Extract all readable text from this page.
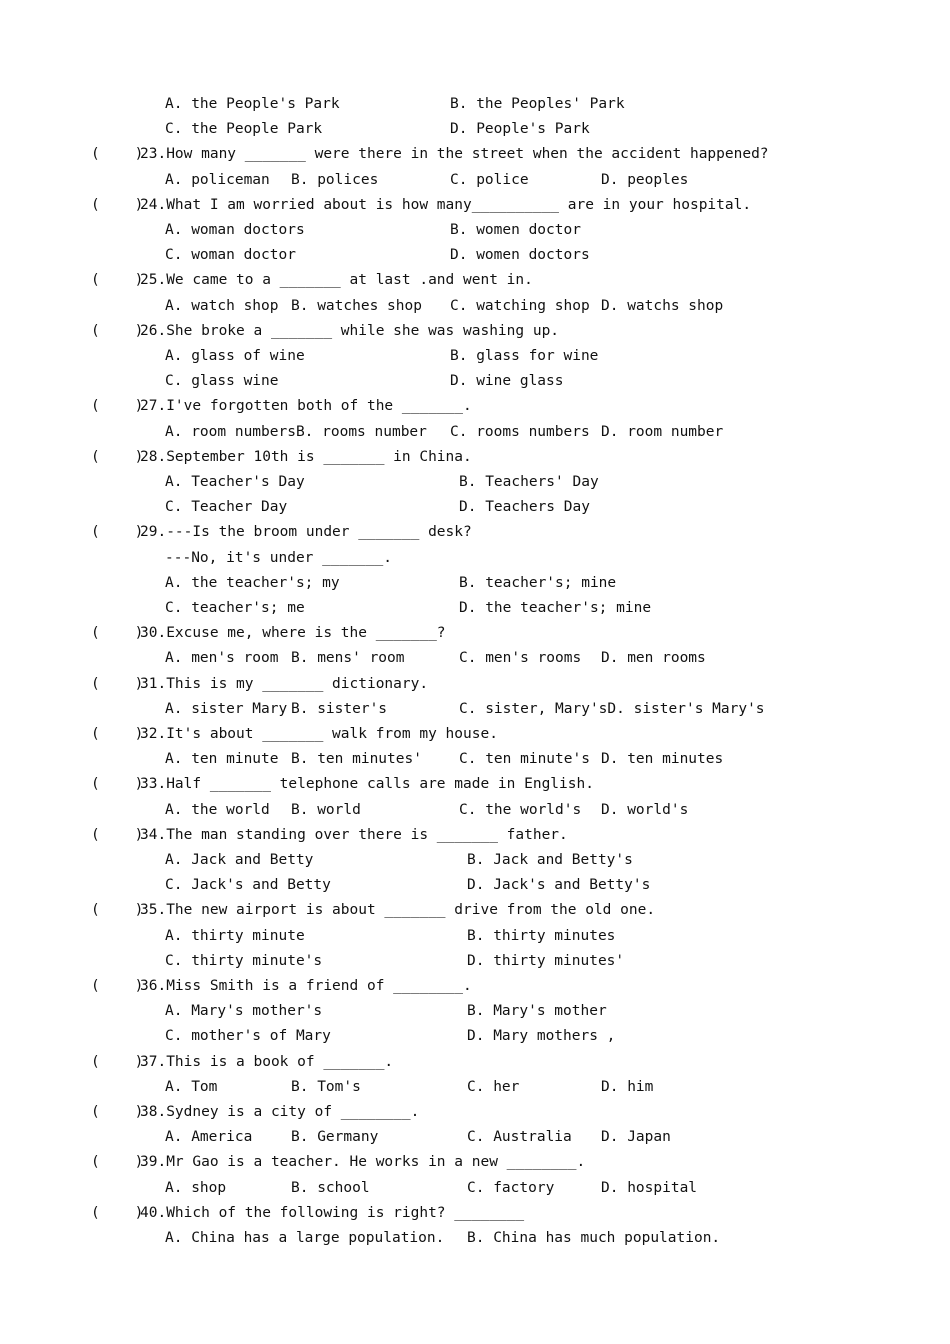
A. the People's Park	B. the Peoples' Park
C. the People Park	D. People's Park
(    )
23.How many _______ were there in the street when the accident happened?
A. policeman B. polices	C. police	D. peoples
(    )
24.What I am worried about is how many__________ are in your hospital.
A. woman doctors	B. women doctor
C. woman doctor	D. women doctors
(    )
25.We came to a _______ at last .and went in.
A. watch shop B. watches shop C. watching shop D. watchs shop
(    )
26.She broke a _______ while she was washing up.
A. glass of wine	B. glass for wine
C. glass wine	D. wine glass
(    )
27.I've forgotten both of the _______.
A. room numbersB. rooms number C. rooms numbers D. room number
(    )
28.September 10th is _______ in China.
A. Teacher's Day	B. Teachers' Day
C. Teacher Day	D. Teachers Day
(    )
29.---Is the broom under _______ desk?
---No, it's under _______.
A. the teacher's; my	B. teacher's; mine
C. teacher's; me	D. the teacher's; mine
(    )
30.Excuse me, where is the _______?
A. men's room B. mens' room	C. men's rooms D. men rooms
(    )
31.This is my _______ dictionary.
A. sister Mary B. sister's	C. sister, Mary'sD. sister's Mary's
(    )
32.It's about _______ walk from my house.
A. ten minute B. ten minutes'	C. ten minute's D. ten minutes
(    )
33.Half _______ telephone calls are made in English.
A. the world B. world	C. the world's D. world's
(    )
34.The man standing over there is _______ father.
A. Jack and Betty	B. Jack and Betty's
C. Jack's and Betty	D. Jack's and Betty's
(    )
35.The new airport is about _______ drive from the old one.
A. thirty minute	B. thirty minutes
C. thirty minute's	D. thirty minutes'
(    )
36.Miss Smith is a friend of ________.
A. Mary's mother's	B. Mary's mother
C. mother's of Mary	D. Mary mothers ,
(    )
37.This is a book of _______.
A. Tom	B. Tom's	C. her	D. him
(    )
38.Sydney is a city of ________.
A. America	B. Germany	C. Australia D. Japan
(    )
39.Mr Gao is a teacher. He works in a new ________.
A. shop	B. school	C. factory	D. hospital
(    )
40.Which of the following is right? ________
A. China has a large population. B. China has much population.
